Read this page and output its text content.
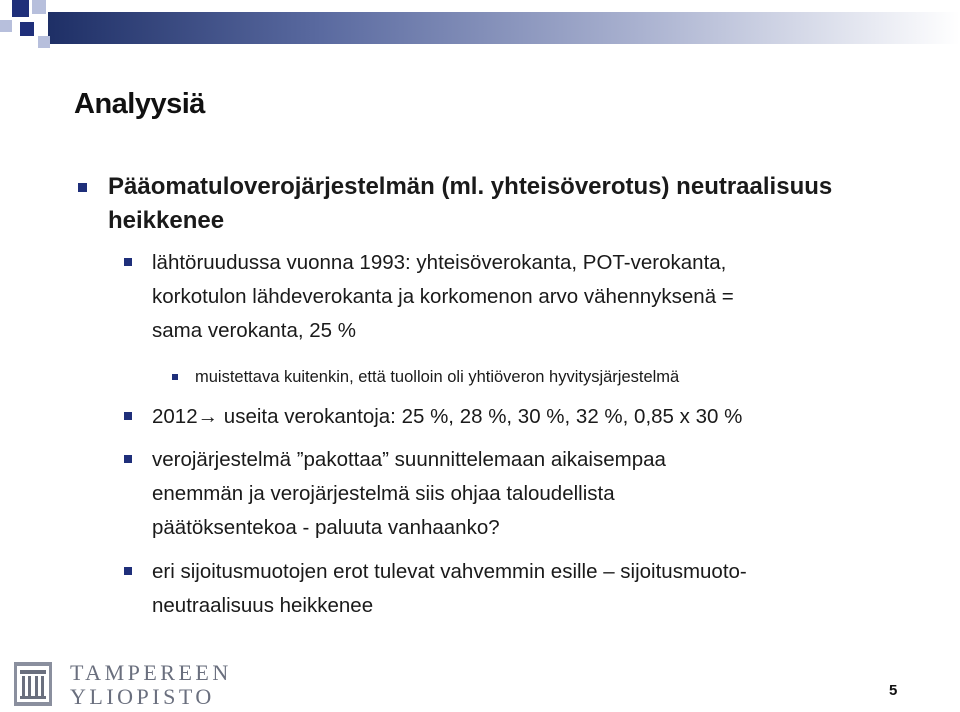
Analyysiä
Pääomatuloverojärjestelmän (ml. yhteisöverotus) neutraalisuus
heikkenee
lähtöruudussa vuonna 1993: yhteisöverokanta, POT-verokanta,
korkotulon lähdeverokanta ja korkomenon arvo vähennyksenä =
sama verokanta, 25 %
muistettava kuitenkin, että tuolloin oli yhtiöveron hyvitysjärjestelmä
2012→ useita verokantoja: 25 %, 28 %, 30 %, 32 %, 0,85 x 30 %
verojärjestelmä ”pakottaa” suunnittelemaan aikaisempaa
enemmän ja verojärjestelmä siis ohjaa taloudellista
päätöksentekoa - paluuta vanhaanko?
eri sijoitusmuotojen erot tulevat vahvemmin esille – sijoitusmuoto-
neutraalisuus heikkenee
TAMPEREEN
YLIOPISTO	5
